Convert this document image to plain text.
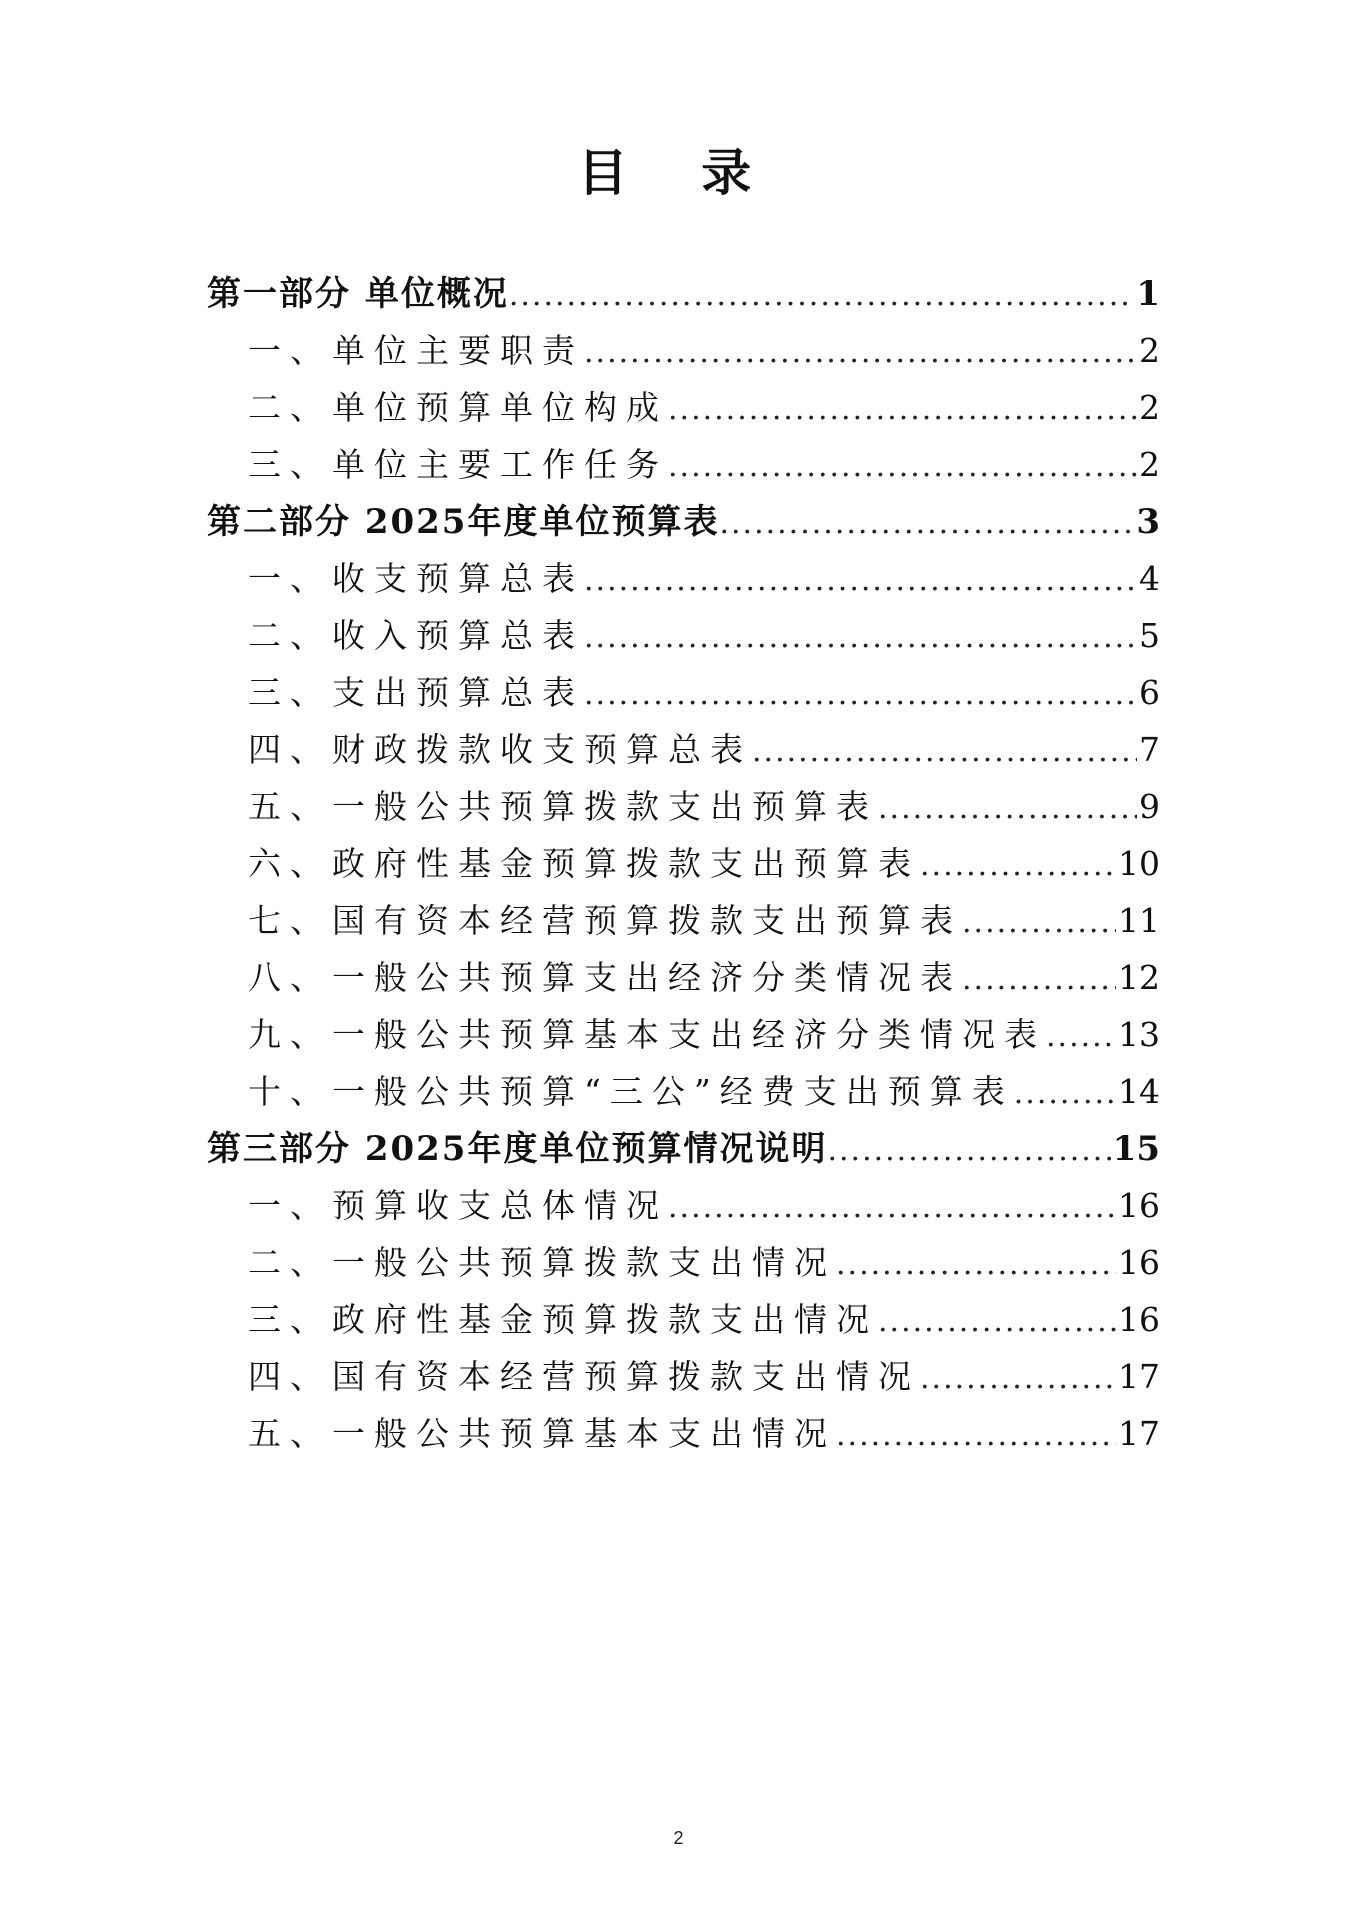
目 录
第一部分 单位概况 .....	1
一、单位主要职责 .....	2
二、单位预算单位构成 .....	2
三、单位主要工作任务 .....	2
第二部分 2025年度单位预算表 .....	3
一、收支预算总表 .....	4
二、收入预算总表 .....	5
三、支出预算总表 .....	6
四、财政拨款收支预算总表 .....	7
五、一般公共预算拨款支出预算表 .....	9
六、政府性基金预算拨款支出预算表 .....	10
七、国有资本经营预算拨款支出预算表 .....	11
八、一般公共预算支出经济分类情况表 .....	12
九、一般公共预算基本支出经济分类情况表 ..... 13
十、一般公共预算“三公”经费支出预算表 .....	14
第三部分 2025年度单位预算情况说明 .....	15
一、预算收支总体情况 .....	16
二、一般公共预算拨款支出情况 .....	16
三、政府性基金预算拨款支出情况 .....	16
四、国有资本经营预算拨款支出情况 .....	17
五、一般公共预算基本支出情况 .....	17
2
